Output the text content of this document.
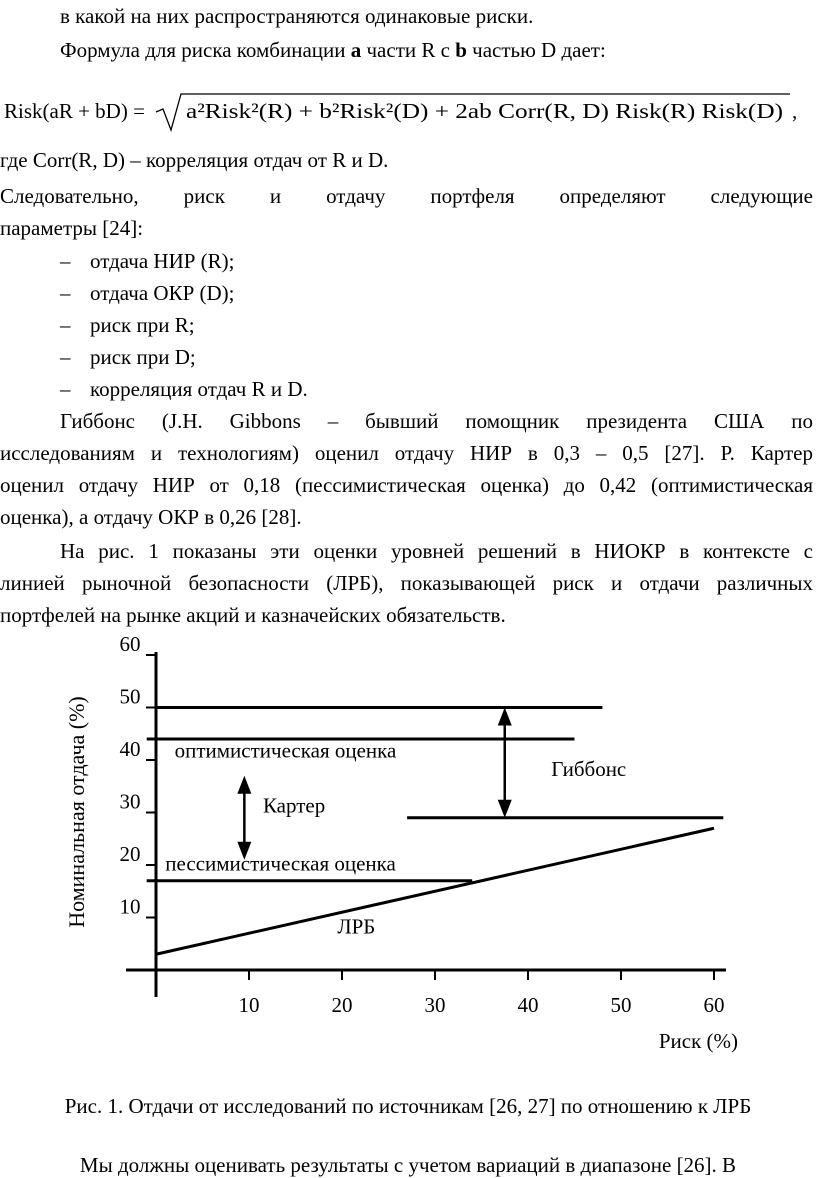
в какой на них распространяются одинаковые риски.
Формула для риска комбинации a части R с b частью D дает:
Risk(aR + bD) = a²Risk²(R) + b²Risk²(D) + 2ab Corr(R, D) Risk(R) Risk(D) ,
где Corr(R, D) – корреляция отдач от R и D.
Следовательно, риск и отдачу портфеля определяют следующие
параметры [24]:
– отдача НИР (R);
– отдача ОКР (D);
– риск при R;
– риск при D;
– корреляция отдач R и D.
Гиббонс (J.H. Gibbons – бывший помощник президента США по
исследованиям и технологиям) оценил отдачу НИР в 0,3 – 0,5 [27]. Р. Картер
оценил отдачу НИР от 0,18 (пессимистическая оценка) до 0,42 (оптимистическая
оценка), а отдачу ОКР в 0,26 [28].
На рис. 1 показаны эти оценки уровней решений в НИОКР в контексте с
линией рыночной безопасности (ЛРБ), показывающей риск и отдачи различных
портфелей на рынке акций и казначейских обязательств.
10
20
30
40
50
60
10	20	30	40	50	60
оптимистическая оценка
пессимистическая оценка
Картер
Гиббонс
ЛРБ
Номинальная отдача (%)
Риск (%)
Рис. 1. Отдачи от исследований по источникам [26, 27] по отношению к ЛРБ
Мы должны оценивать результаты с учетом вариаций в диапазоне [26]. В
